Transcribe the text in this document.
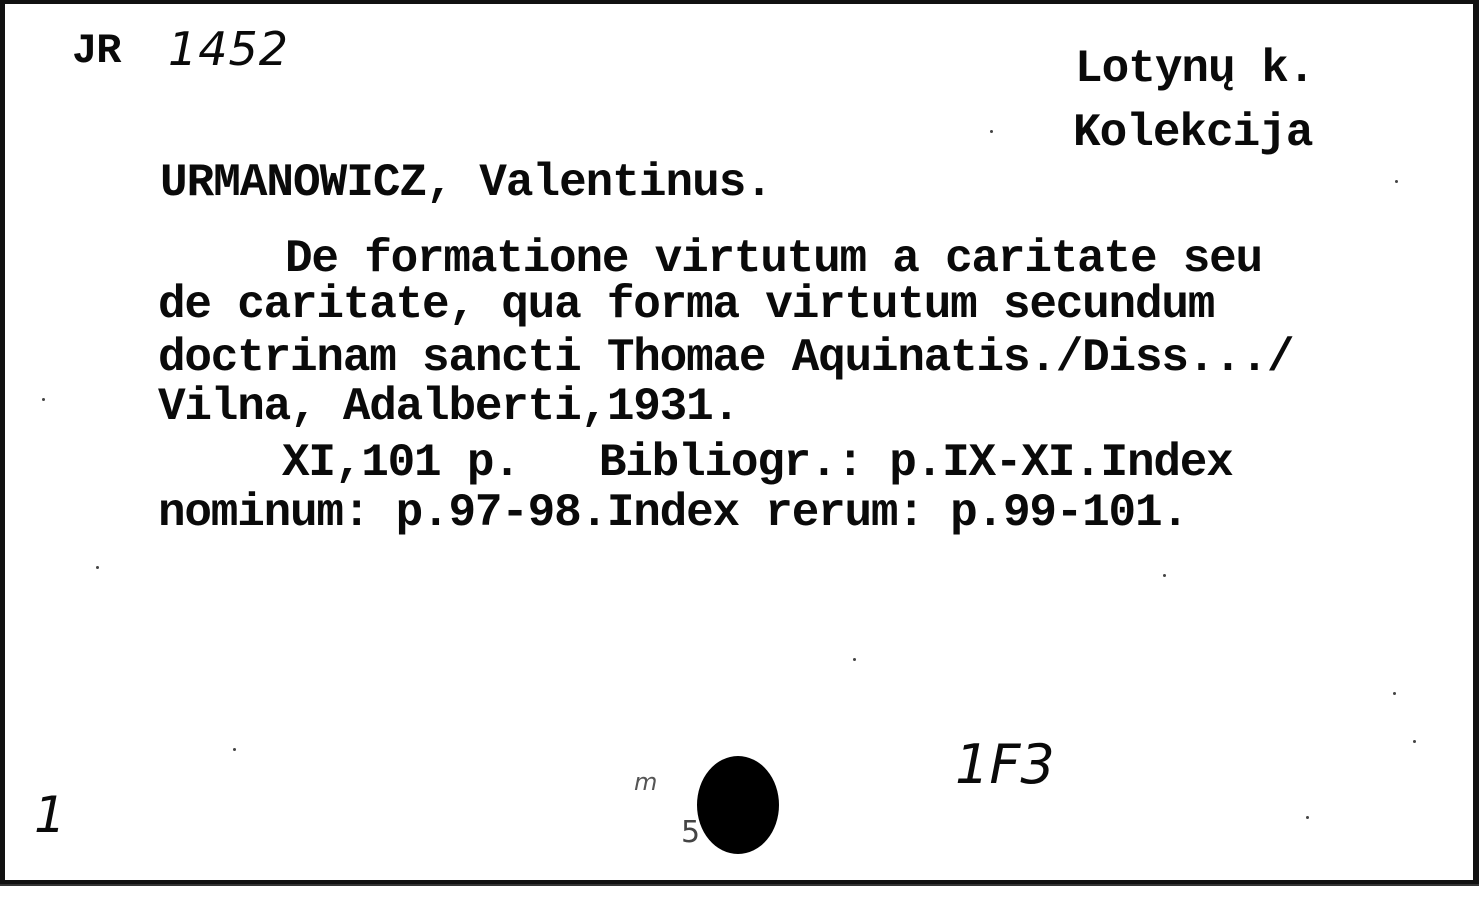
JR 1452	Lotynų k.
Kolekcija
URMANOWICZ, Valentinus.
De formatione virtutum a caritate seu
de caritate, qua forma virtutum secundum
doctrinam sancti Thomae Aquinatis./Diss.../
Vilna, Adalberti,1931.
XI,101 p.   Bibliogr.: p.IX-XI.Index
nominum: p.97-98.Index rerum: p.99-101.
1
1F3
m
5
